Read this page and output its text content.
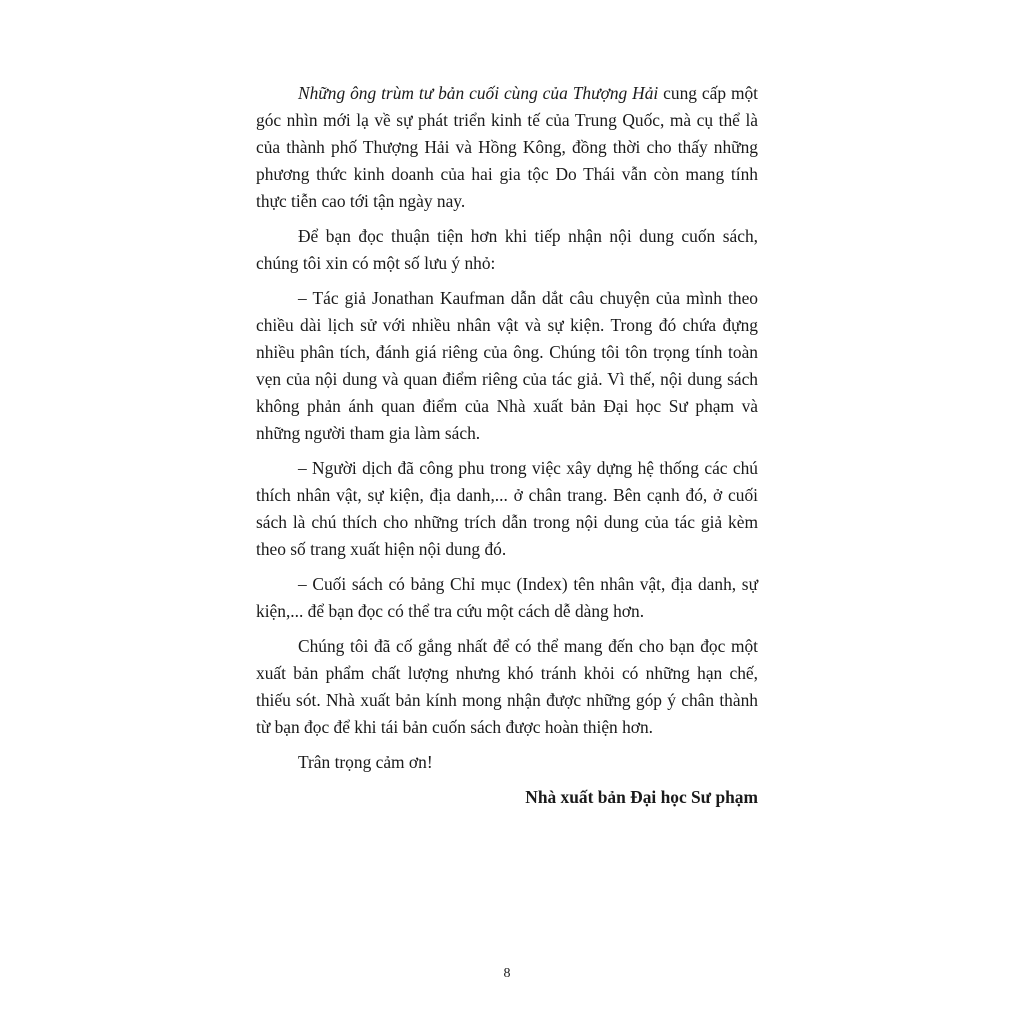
Những ông trùm tư bản cuối cùng của Thượng Hải cung cấp một góc nhìn mới lạ về sự phát triển kinh tế của Trung Quốc, mà cụ thể là của thành phố Thượng Hải và Hồng Kông, đồng thời cho thấy những phương thức kinh doanh của hai gia tộc Do Thái vẫn còn mang tính thực tiễn cao tới tận ngày nay.

Để bạn đọc thuận tiện hơn khi tiếp nhận nội dung cuốn sách, chúng tôi xin có một số lưu ý nhỏ:

– Tác giả Jonathan Kaufman dẫn dắt câu chuyện của mình theo chiều dài lịch sử với nhiều nhân vật và sự kiện. Trong đó chứa đựng nhiều phân tích, đánh giá riêng của ông. Chúng tôi tôn trọng tính toàn vẹn của nội dung và quan điểm riêng của tác giả. Vì thế, nội dung sách không phản ánh quan điểm của Nhà xuất bản Đại học Sư phạm và những người tham gia làm sách.

– Người dịch đã công phu trong việc xây dựng hệ thống các chú thích nhân vật, sự kiện, địa danh,... ở chân trang. Bên cạnh đó, ở cuối sách là chú thích cho những trích dẫn trong nội dung của tác giả kèm theo số trang xuất hiện nội dung đó.

– Cuối sách có bảng Chỉ mục (Index) tên nhân vật, địa danh, sự kiện,... để bạn đọc có thể tra cứu một cách dễ dàng hơn.

Chúng tôi đã cố gắng nhất để có thể mang đến cho bạn đọc một xuất bản phẩm chất lượng nhưng khó tránh khỏi có những hạn chế, thiếu sót. Nhà xuất bản kính mong nhận được những góp ý chân thành từ bạn đọc để khi tái bản cuốn sách được hoàn thiện hơn.

Trân trọng cảm ơn!

Nhà xuất bản Đại học Sư phạm

8
